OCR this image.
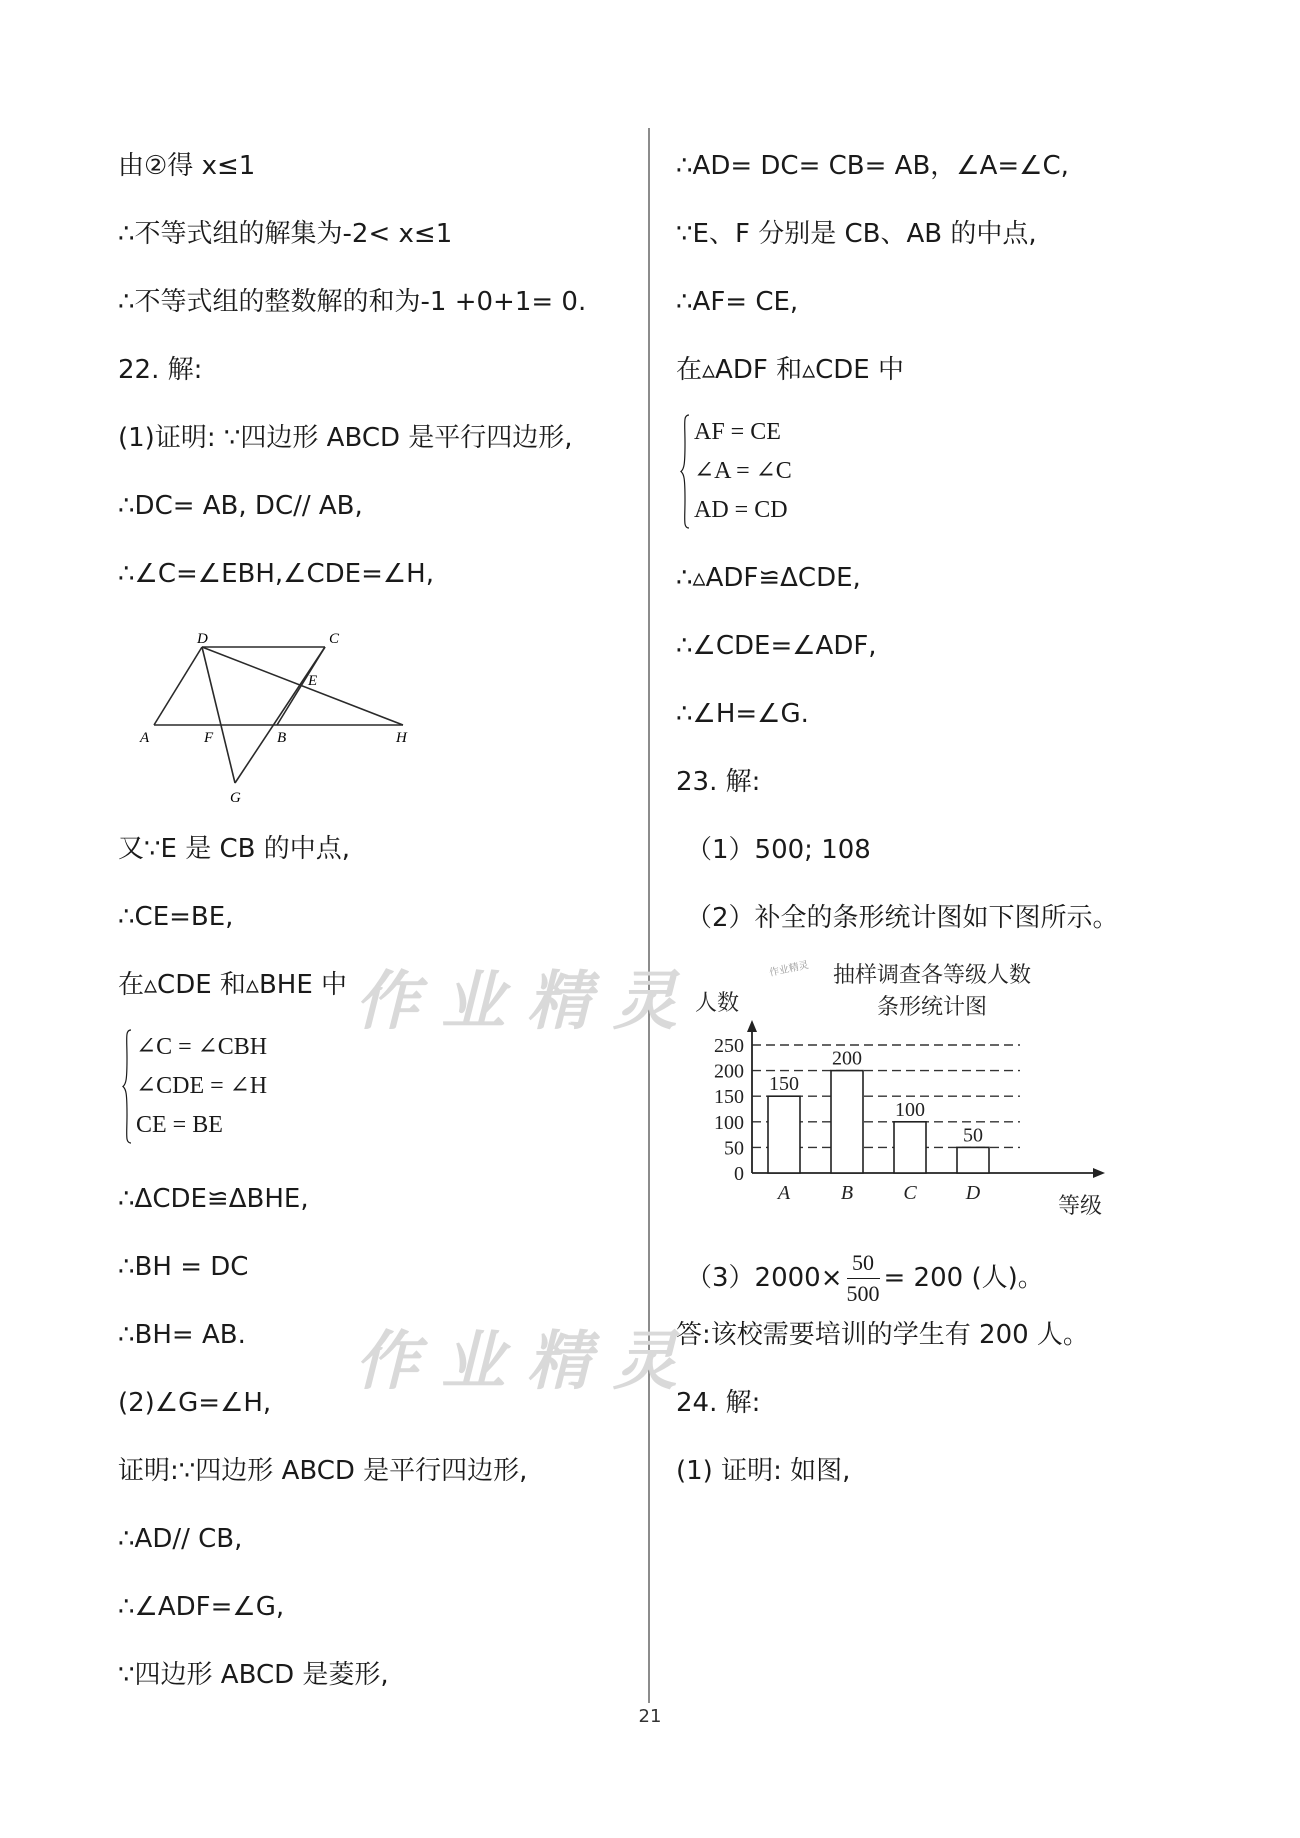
由②得 x≤1
∴不等式组的解集为-2< x≤1
∴不等式组的整数解的和为-1 +0+1= 0.
22. 解:
(1)证明: ∵四边形 ABCD 是平行四边形,
∴DC= AB, DC// AB,
∴∠C=∠EBH,∠CDE=∠H,
D	C
E
A	F	B	H
G
又∵E 是 CB 的中点,
∴CE=BE,
在▵CDE 和▵BHE 中
∠C = ∠CBH
∠CDE = ∠H
CE = BE
∴ΔCDE≌ΔBHE,
∴BH = DC
∴BH= AB.
(2)∠G=∠H,
证明:∵四边形 ABCD 是平行四边形,
∴AD// CB,
∴∠ADF=∠G,
∵四边形 ABCD 是菱形,
作业精灵
作业精灵
∴AD= DC= CB= AB，∠A=∠C,
∵E、F 分别是 CB、AB 的中点,
∴AF= CE,
在▵ADF 和▵CDE 中
AF = CE
∠A = ∠C
AD = CD
∴▵ADF≌ΔCDE,
∴∠CDE=∠ADF,
∴∠H=∠G.
23. 解:
（1）500; 108
（2）补全的条形统计图如下图所示。
作业精灵 抽样调查各等级人数
条形统计图
人数
等级
0
50
100
150
200
250
150
A
200
B
100
C
50
D
$(3)2000\times \frac{50}{500} = 200$ (人)。
答:该校需要培训的学生有 200 人。
24. 解:
(1) 证明: 如图,
21
